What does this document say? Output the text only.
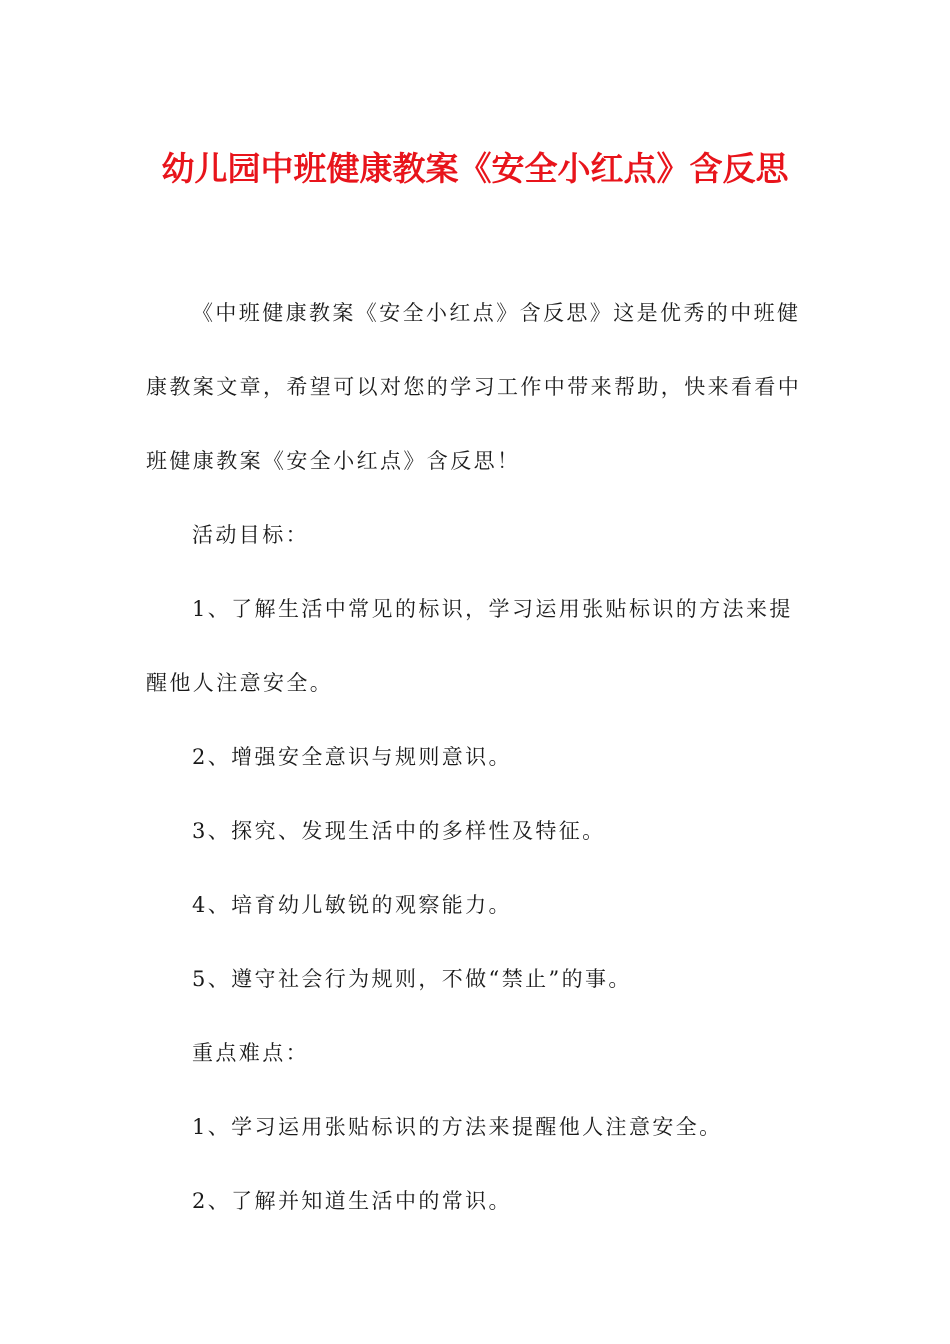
幼儿园中班健康教案《安全小红点》含反思

《中班健康教案《安全小红点》含反思》这是优秀的中班健康教案文章，希望可以对您的学习工作中带来帮助，快来看看中班健康教案《安全小红点》含反思！

活动目标：

1、了解生活中常见的标识，学习运用张贴标识的方法来提醒他人注意安全。

2、增强安全意识与规则意识。

3、探究、发现生活中的多样性及特征。

4、培育幼儿敏锐的观察能力。

5、遵守社会行为规则，不做“禁止”的事。

重点难点：

1、学习运用张贴标识的方法来提醒他人注意安全。

2、了解并知道生活中的常识。
